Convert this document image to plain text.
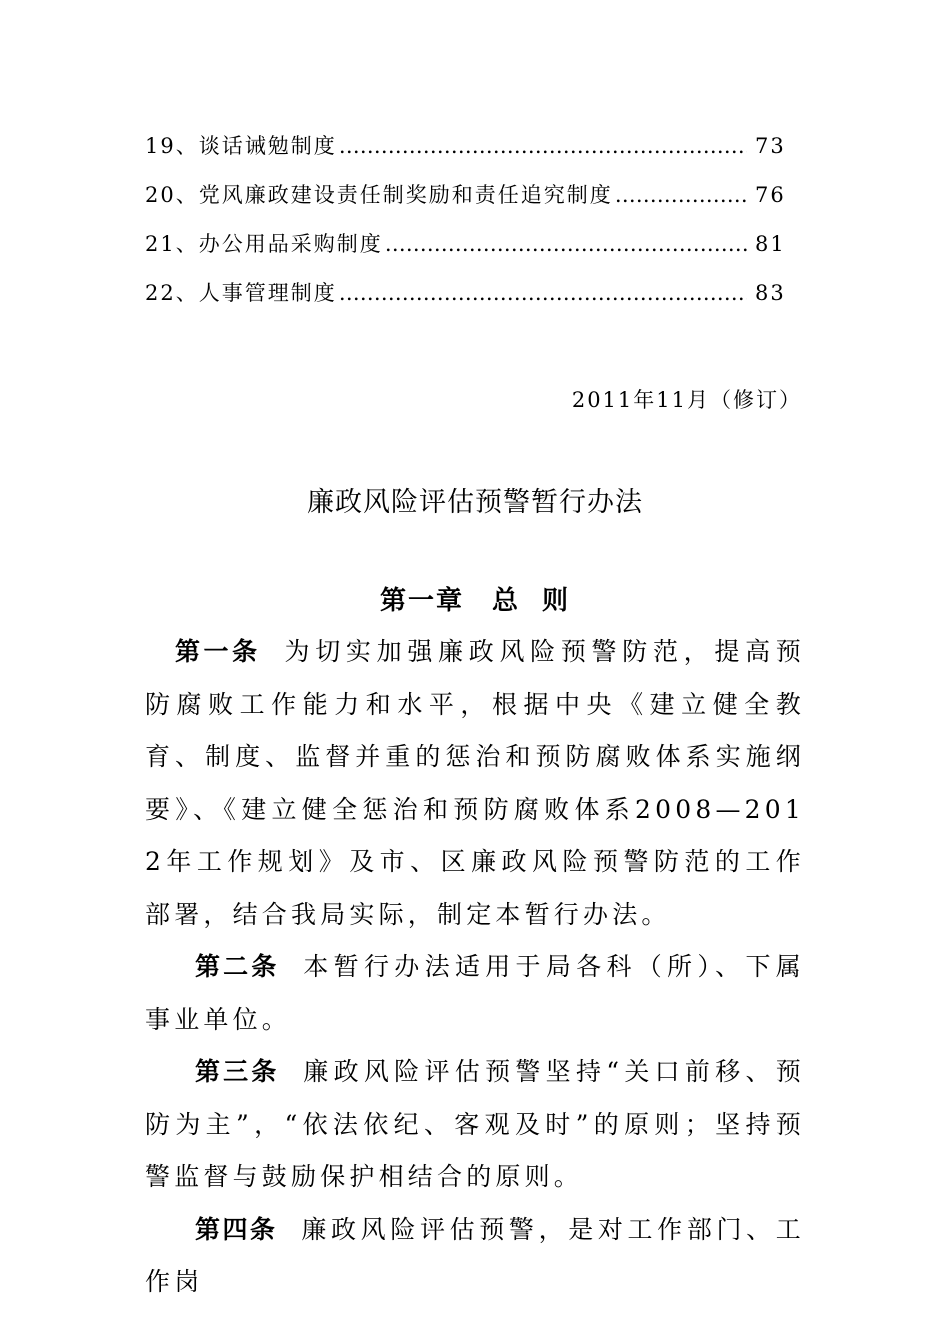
19、谈话诫勉制度 …………………………………………………………………………………………………………………………………………………	73
20、党风廉政建设责任制奖励和责任追究制度 …………………………………………………………………………………………………………………………………………………	76
21、办公用品采购制度 …………………………………………………………………………………………………………………………………………………	81
22、人事管理制度 …………………………………………………………………………………………………………………………………………………	83
2011年11月（修订）
廉政风险评估预警暂行办法
第一章 总 则

第一条 为切实加强廉政风险预警防范，提高预防腐败工作能力和水平，根据中央《建立健全教育、制度、监督并重的惩治和预防腐败体系实施纲要》、《建立健全惩治和预防腐败体系2008—2012年工作规划》及市、区廉政风险预警防范的工作部署，结合我局实际，制定本暂行办法。

第二条 本暂行办法适用于局各科（所）、下属事业单位。

第三条 廉政风险评估预警坚持“关口前移、预防为主”，“依法依纪、客观及时”的原则；坚持预警监督与鼓励保护相结合的原则。

第四条 廉政风险评估预警，是对工作部门、工作岗
